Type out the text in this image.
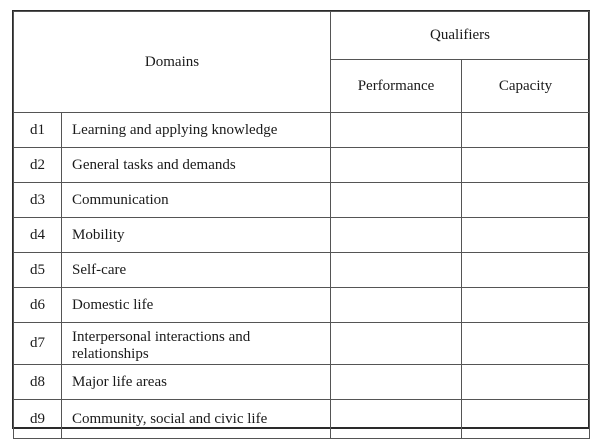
Domains		Qualifiers	
		Performance	Capacity
d1	Learning and applying knowledge		
d2	General tasks and demands		
d3	Communication		
d4	Mobility		
d5	Self-care		
d6	Domestic life		
d7	Interpersonal interactions and relationships		
d8	Major life areas		
d9	Community, social and civic life		
